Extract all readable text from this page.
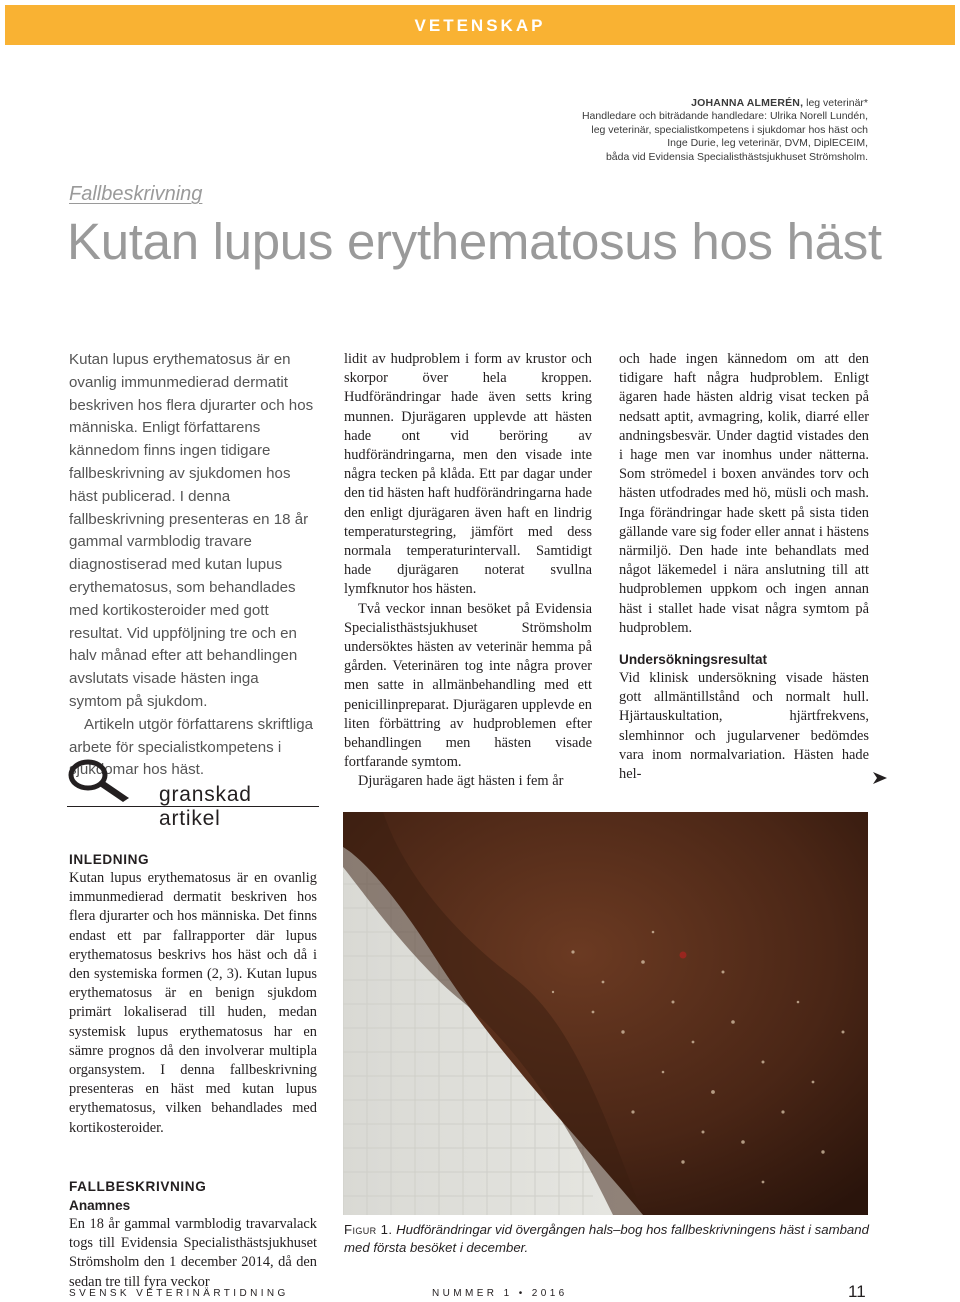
VETENSKAP
JOHANNA ALMERÉN, leg veterinär*
Handledare och biträdande handledare: Ulrika Norell Lundén,
leg veterinär, specialistkompetens i sjukdomar hos häst och
Inge Durie, leg veterinär, DVM, DiplECEIM,
båda vid Evidensia Specialisthästsjukhuset Strömsholm.
Fallbeskrivning
Kutan lupus erythematosus hos häst

Kutan lupus erythematosus är en ovanlig immunmedierad dermatit beskriven hos flera djurarter och hos människa. Enligt författarens kännedom finns ingen tidigare fallbeskrivning av sjukdomen hos häst publicerad. I denna fallbeskrivning presenteras en 18 år gammal varmblodig travare diagnostiserad med kutan lupus erythematosus, som behandlades med kortikosteroider med gott resultat. Vid uppföljning tre och en halv månad efter att behandlingen avslutats visade hästen inga symtom på sjukdom.

Artikeln utgör författarens skriftliga arbete för specialistkompetens i sjukdomar hos häst.

granskad artikel
INLEDNING

Kutan lupus erythematosus är en ovanlig immunmedierad dermatit beskriven hos flera djurarter och hos människa. Det finns endast ett par fallrapporter där lupus erythematosus beskrivs hos häst och då i den systemiska formen (2, 3). Kutan lupus erythematosus är en benign sjukdom primärt lokaliserad till huden, medan systemisk lupus erythematosus har en sämre prognos då den involverar multipla organsystem. I denna fallbeskrivning presenteras en häst med kutan lupus erythematosus, vilken behandlades med kortikosteroider.

FALLBESKRIVNING
Anamnes

En 18 år gammal varmblodig travarvalack togs till Evidensia Specialisthästsjukhuset Strömsholm den 1 december 2014, då den sedan tre till fyra veckor

lidit av hudproblem i form av krustor och skorpor över hela kroppen. Hudförändringar hade även setts kring munnen. Djurägaren upplevde att hästen hade ont vid beröring av hudförändringarna, men den visade inte några tecken på klåda. Ett par dagar under den tid hästen haft hudförändringarna hade den enligt djurägaren även haft en lindrig temperaturstegring, jämfört med dess normala temperaturintervall. Samtidigt hade djurägaren noterat svullna lymfknutor hos hästen.

Två veckor innan besöket på Evidensia Specialisthästsjukhuset Strömsholm undersöktes hästen av veterinär hemma på gården. Veterinären tog inte några prover men satte in allmänbehandling med ett penicillinpreparat. Djurägaren upplevde en liten förbättring av hudproblemen efter behandlingen men hästen visade fortfarande symtom.

Djurägaren hade ägt hästen i fem år

och hade ingen kännedom om att den tidigare haft några hudproblem. Enligt ägaren hade hästen aldrig visat tecken på nedsatt aptit, avmagring, kolik, diarré eller andningsbesvär. Under dagtid vistades den i hage men var inomhus under nätterna. Som strömedel i boxen användes torv och hästen utfodrades med hö, müsli och mash. Inga förändringar hade skett på sista tiden gällande vare sig foder eller annat i hästens närmiljö. Den hade inte behandlats med något läkemedel i nära anslutning till att hudproblemen uppkom och ingen annan häst i stallet hade visat några symtom på hudproblem.

Undersökningsresultat

Vid klinisk undersökning visade hästen gott allmäntillstånd och normalt hull. Hjärtauskultation, hjärtfrekvens, slemhinnor och jugularvener bedömdes vara inom normalvariation. Hästen hade hel-

Figur 1. Hudförändringar vid övergången hals–bog hos fallbeskrivningens häst i samband med första besöket i december.
SVENSK VETERINÄRTIDNING	NUMMER 1 • 2016	11
